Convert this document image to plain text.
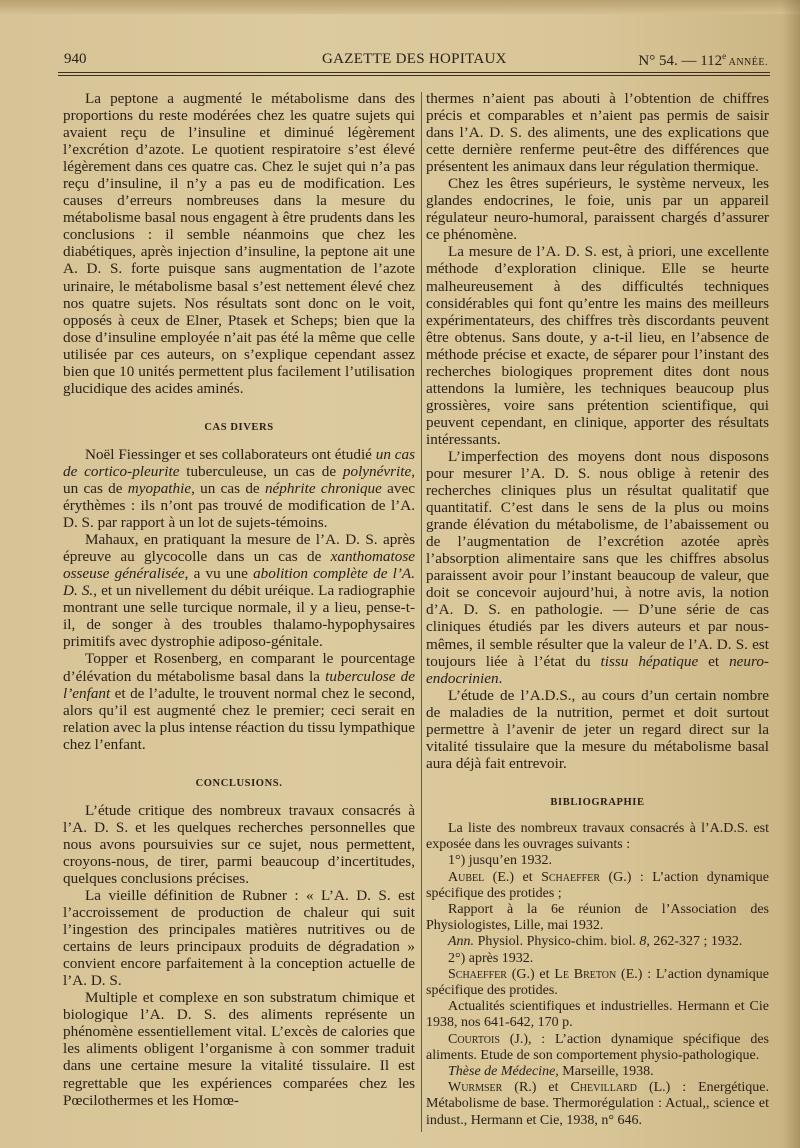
940	GAZETTE DES HOPITAUX	N° 54. — 112e ANNÉE.

La peptone a augmenté le métabolisme dans des proportions du reste modérées chez les quatre sujets qui avaient reçu de l’insuline et diminué légèrement l’excrétion d’azote. Le quotient respiratoire s’est élevé légèrement dans ces quatre cas. Chez le sujet qui n’a pas reçu d’insuline, il n’y a pas eu de modification. Les causes d’erreurs nombreuses dans la mesure du métabolisme basal nous engagent à être prudents dans les conclusions : il semble néanmoins que chez les diabétiques, après injection d’insuline, la peptone ait une A. D. S. forte puisque sans augmentation de l’azote urinaire, le métabolisme basal s’est nettement élevé chez nos quatre sujets. Nos résultats sont donc on le voit, opposés à ceux de Elner, Ptasek et Scheps; bien que la dose d’insuline employée n’ait pas été la même que celle utilisée par ces auteurs, on s’explique cependant assez bien que 10 unités permettent plus facilement l’utilisation glucidique des acides aminés.

CAS DIVERS

Noël Fiessinger et ses collaborateurs ont étudié un cas de cortico-pleurite tuberculeuse, un cas de polynévrite, un cas de myopathie, un cas de néphrite chronique avec érythèmes : ils n’ont pas trouvé de modification de l’A. D. S. par rapport à un lot de sujets-témoins.

Mahaux, en pratiquant la mesure de l’A. D. S. après épreuve au glycocolle dans un cas de xanthomatose osseuse généralisée, a vu une abolition complète de l’A. D. S., et un nivellement du débit uréique. La radiographie montrant une selle turcique normale, il y a lieu, pense-t-il, de songer à des troubles thalamo-hypophysaires primitifs avec dystrophie adiposo-génitale.

Topper et Rosenberg, en comparant le pourcentage d’élévation du métabolisme basal dans la tuberculose de l’enfant et de l’adulte, le trouvent normal chez le second, alors qu’il est augmenté chez le premier; ceci serait en relation avec la plus intense réaction du tissu lympathique chez l’enfant.

CONCLUSIONS.

L’étude critique des nombreux travaux consacrés à l’A. D. S. et les quelques recherches personnelles que nous avons poursuivies sur ce sujet, nous permettent, croyons-nous, de tirer, parmi beaucoup d’incertitudes, quelques conclusions précises.

La vieille définition de Rubner : « L’A. D. S. est l’accroissement de production de chaleur qui suit l’ingestion des principales matières nutritives ou de certains de leurs principaux produits de dégradation » convient encore parfaitement à la conception actuelle de l’A. D. S.

Multiple et complexe en son substratum chimique et biologique l’A. D. S. des aliments représente un phénomène essentiellement vital. L’excès de calories que les aliments obligent l’organisme à con sommer traduit dans une certaine mesure la vitalité tissulaire. Il est regrettable que les expériences comparées chez les Pœcilothermes et les Homœ-

thermes n’aient pas abouti à l’obtention de chiffres précis et comparables et n’aient pas permis de saisir dans l’A. D. S. des aliments, une des explications que cette dernière renferme peut-être des différences que présentent les animaux dans leur régulation thermique.

Chez les êtres supérieurs, le système nerveux, les glandes endocrines, le foie, unis par un appareil régulateur neuro-humoral, paraissent chargés d’assurer ce phénomène.

La mesure de l’A. D. S. est, à priori, une excellente méthode d’exploration clinique. Elle se heurte malheureusement à des difficultés techniques considérables qui font qu’entre les mains des meilleurs expérimentateurs, des chiffres très discordants peuvent être obtenus. Sans doute, y a-t-il lieu, en l’absence de méthode précise et exacte, de séparer pour l’instant des recherches biologiques proprement dites dont nous attendons la lumière, les techniques beaucoup plus grossières, voire sans prétention scientifique, qui peuvent cependant, en clinique, apporter des résultats intéressants.

L’imperfection des moyens dont nous disposons pour mesurer l’A. D. S. nous oblige à retenir des recherches cliniques plus un résultat qualitatif que quantitatif. C’est dans le sens de la plus ou moins grande élévation du métabolisme, de l’abaissement ou de l’augmentation de l’excrétion azotée après l’absorption alimentaire sans que les chiffres absolus paraissent avoir pour l’instant beaucoup de valeur, que doit se concevoir aujourd’hui, à notre avis, la notion d’A. D. S. en pathologie. — D’une série de cas cliniques étudiés par les divers auteurs et par nous-mêmes, il semble résulter que la valeur de l’A. D. S. est toujours liée à l’état du tissu hépatique et neuro-endocrinien.

L’étude de l’A.D.S., au cours d’un certain nombre de maladies de la nutrition, permet et doit surtout permettre à l’avenir de jeter un regard direct sur la vitalité tissulaire que la mesure du métabolisme basal aura déjà fait entrevoir.

BIBLIOGRAPHIE

La liste des nombreux travaux consacrés à l’A.D.S. est exposée dans les ouvrages suivants :

1°) jusqu’en 1932.

Aubel (E.) et Schaeffer (G.) : L’action dynamique spécifique des protides ;

Rapport à la 6e réunion de l’Association des Physiologistes, Lille, mai 1932.

Ann. Physiol. Physico-chim. biol. 8, 262-327 ; 1932.

2°) après 1932.

Schaeffer (G.) et Le Breton (E.) : L’action dynamique spécifique des protides.

Actualités scientifiques et industrielles. Hermann et Cie 1938, nos 641-642, 170 p.

Courtois (J.), : L’action dynamique spécifique des aliments. Etude de son comportement physio-pathologique.

Thèse de Médecine, Marseille, 1938.

Wurmser (R.) et Chevillard (L.) : Energétique. Métabolisme de base. Thermorégulation : Actual,, science et indust., Hermann et Cie, 1938, n° 646.
